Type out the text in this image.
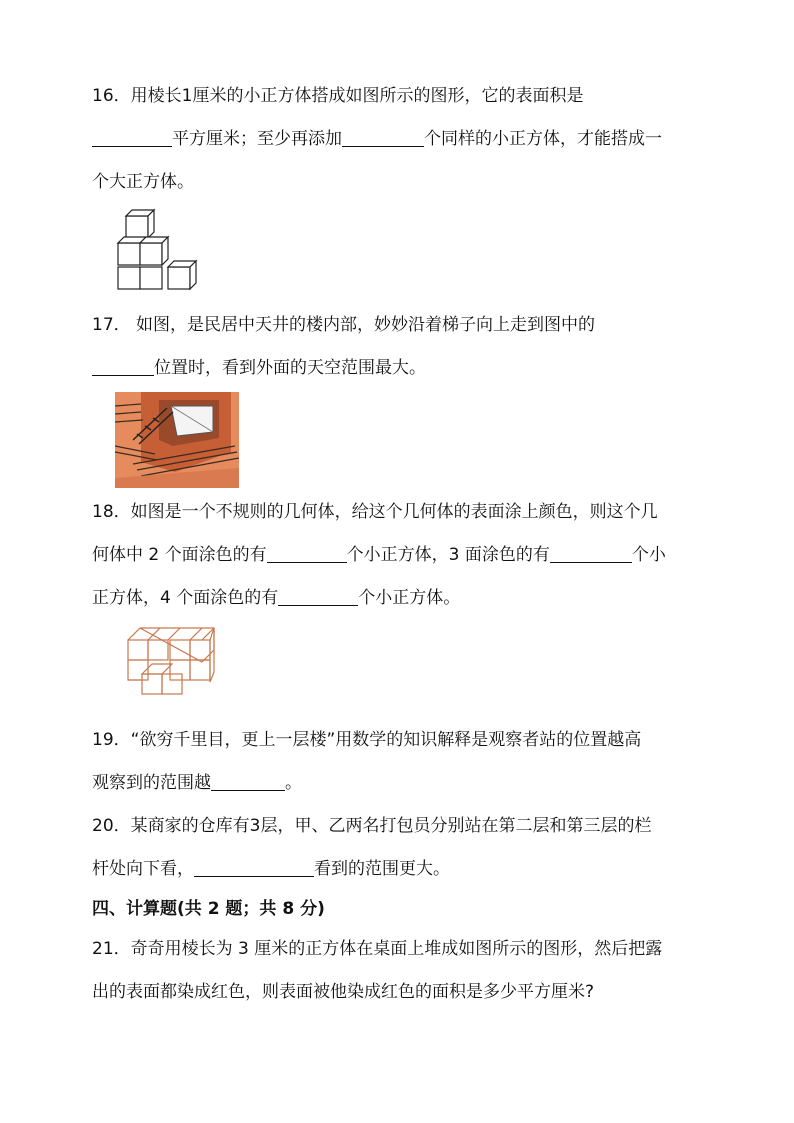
16．用棱长1厘米的小正方体搭成如图所示的图形，它的表面积是
平方厘米；至少再添加	个同样的小正方体，才能搭成一
个大正方体。
17． 如图，是民居中天井的楼内部，妙妙沿着梯子向上走到图中的
位置时，看到外面的天空范围最大。
18．如图是一个不规则的几何体，给这个几何体的表面涂上颜色，则这个几
何体中 2 个面涂色的有	个小正方体，3 面涂色的有	个小
正方体，4 个面涂色的有	个小正方体。
19．“欲穷千里目，更上一层楼”用数学的知识解释是观察者站的位置越高
观察到的范围越	。
20．某商家的仓库有3层，甲、乙两名打包员分别站在第二层和第三层的栏
杆处向下看，	看到的范围更大。
四、计算题(共 2 题；共 8 分)
21．奇奇用棱长为 3 厘米的正方体在桌面上堆成如图所示的图形，然后把露
出的表面都染成红色，则表面被他染成红色的面积是多少平方厘米?
